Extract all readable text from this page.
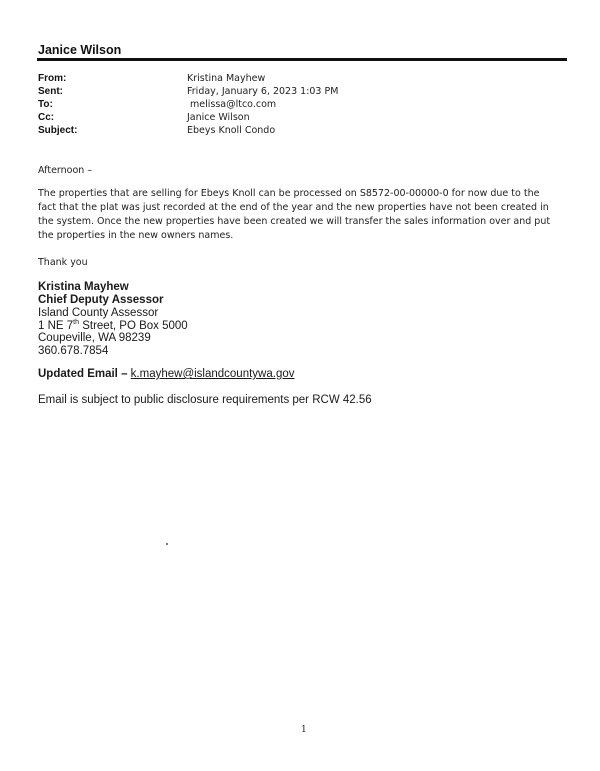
Janice Wilson
From:	Kristina Mayhew
Sent:	Friday, January 6, 2023 1:03 PM
To:	melissa@ltco.com
Cc:	Janice Wilson
Subject:	Ebeys Knoll Condo
Afternoon –
The properties that are selling for Ebeys Knoll can be processed on S8572-00-00000-0 for now due to the fact that the plat was just recorded at the end of the year and the new properties have not been created in the system. Once the new properties have been created we will transfer the sales information over and put the properties in the new owners names.
Thank you
Kristina Mayhew
Chief Deputy Assessor
Island County Assessor
1 NE 7th Street, PO Box 5000
Coupeville, WA 98239
360.678.7854
Updated Email – k.mayhew@islandcountywa.gov
Email is subject to public disclosure requirements per RCW 42.56
1
